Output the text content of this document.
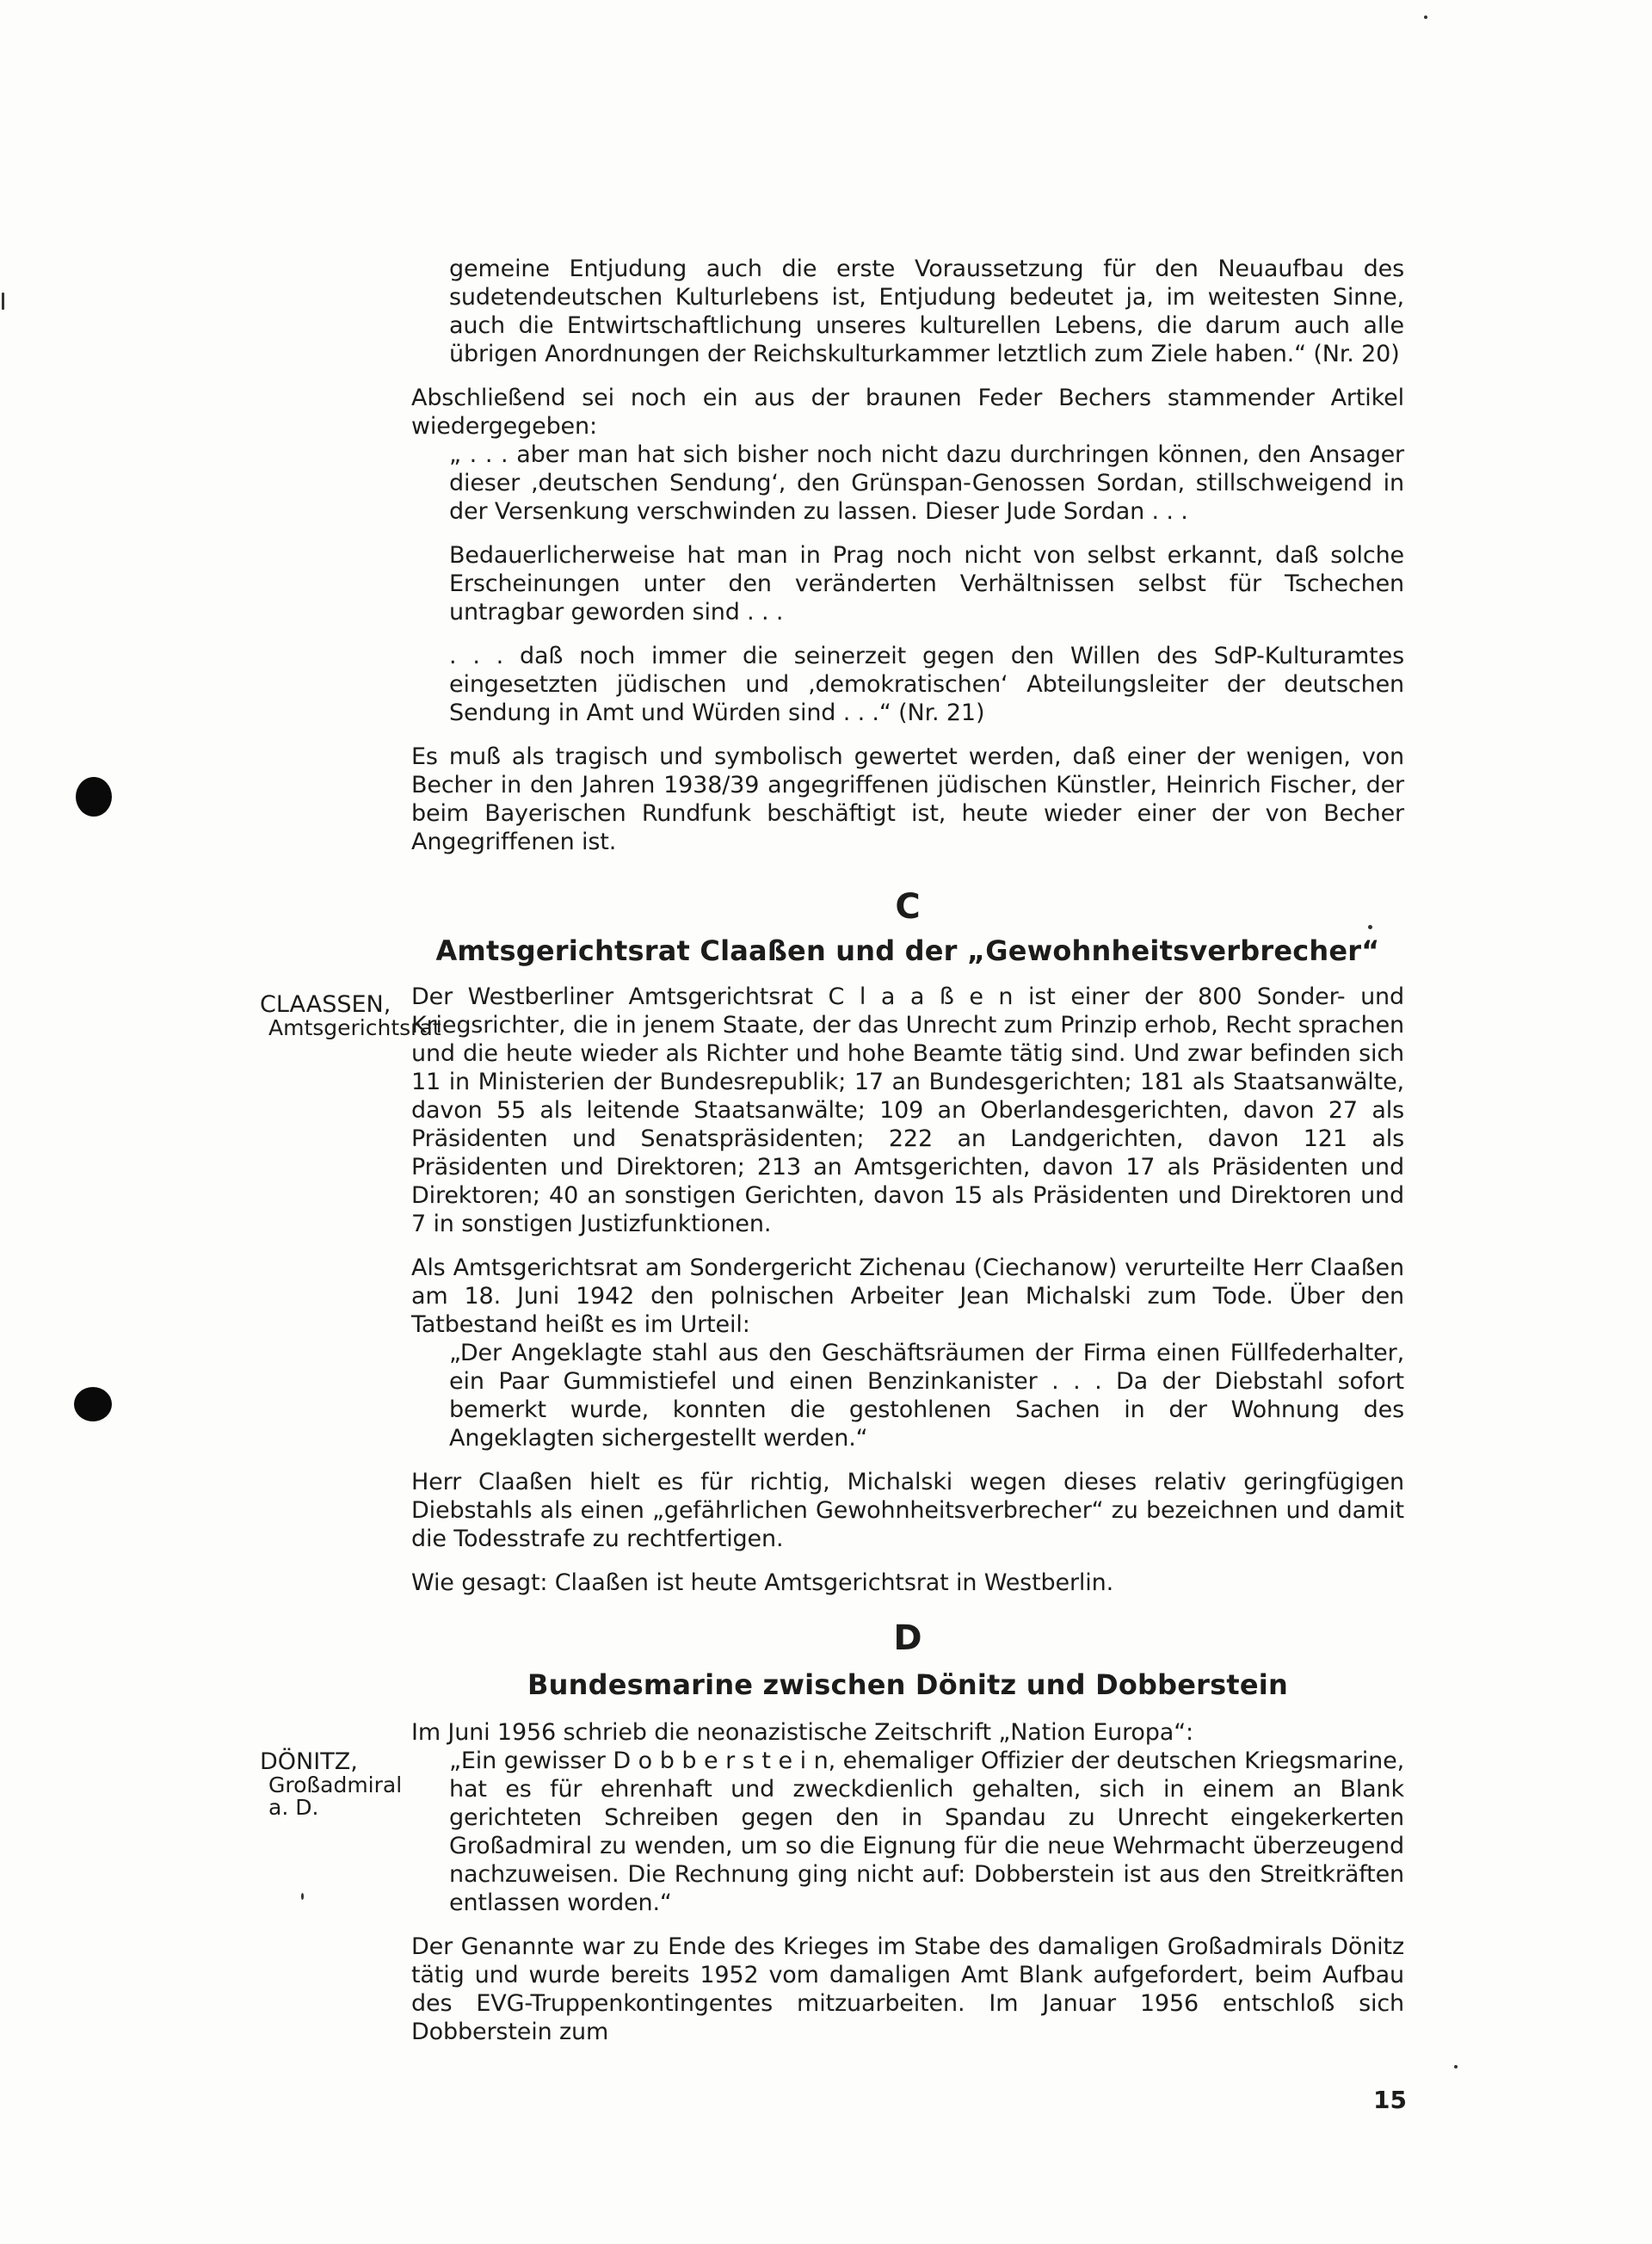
gemeine Entjudung auch die erste Voraussetzung für den Neuaufbau des sudetendeutschen Kulturlebens ist, Entjudung bedeutet ja, im weitesten Sinne, auch die Entwirtschaftlichung unseres kulturellen Lebens, die darum auch alle übrigen Anordnungen der Reichskulturkammer letztlich zum Ziele haben.“ (Nr. 20)

Abschließend sei noch ein aus der braunen Feder Bechers stammender Artikel wiedergegeben:

„ . . . aber man hat sich bisher noch nicht dazu durchringen können, den Ansager dieser ‚deutschen Sendung‘, den Grünspan-Genossen Sordan, stillschweigend in der Versenkung verschwinden zu lassen. Dieser Jude Sordan . . .

Bedauerlicherweise hat man in Prag noch nicht von selbst erkannt, daß solche Erscheinungen unter den veränderten Verhältnissen selbst für Tschechen untragbar geworden sind . . .

. . . daß noch immer die seinerzeit gegen den Willen des SdP-Kulturamtes eingesetzten jüdischen und ‚demokratischen‘ Abteilungsleiter der deutschen Sendung in Amt und Würden sind . . .“ (Nr. 21)

Es muß als tragisch und symbolisch gewertet werden, daß einer der wenigen, von Becher in den Jahren 1938/39 angegriffenen jüdischen Künstler, Heinrich Fischer, der beim Bayerischen Rundfunk beschäftigt ist, heute wieder einer der von Becher Angegriffenen ist.

C
Amtsgerichtsrat Claaßen und der „Gewohnheitsverbrecher“
CLAASSEN,
Amtsgerichtsrat

Der Westberliner Amtsgerichtsrat C l a a ß e n ist einer der 800 Sonder- und Kriegsrichter, die in jenem Staate, der das Unrecht zum Prinzip erhob, Recht sprachen und die heute wieder als Richter und hohe Beamte tätig sind. Und zwar befinden sich 11 in Ministerien der Bundesrepublik; 17 an Bundesgerichten; 181 als Staatsanwälte, davon 55 als leitende Staatsanwälte; 109 an Oberlandesgerichten, davon 27 als Präsidenten und Senatspräsidenten; 222 an Landgerichten, davon 121 als Präsidenten und Direktoren; 213 an Amtsgerichten, davon 17 als Präsidenten und Direktoren; 40 an sonstigen Gerichten, davon 15 als Präsidenten und Direktoren und 7 in sonstigen Justizfunktionen.

Als Amtsgerichtsrat am Sondergericht Zichenau (Ciechanow) verurteilte Herr Claaßen am 18. Juni 1942 den polnischen Arbeiter Jean Michalski zum Tode. Über den Tatbestand heißt es im Urteil:

„Der Angeklagte stahl aus den Geschäftsräumen der Firma einen Füllfederhalter, ein Paar Gummistiefel und einen Benzinkanister . . . Da der Diebstahl sofort bemerkt wurde, konnten die gestohlenen Sachen in der Wohnung des Angeklagten sichergestellt werden.“

Herr Claaßen hielt es für richtig, Michalski wegen dieses relativ geringfügigen Diebstahls als einen „gefährlichen Gewohnheitsverbrecher“ zu bezeichnen und damit die Todesstrafe zu rechtfertigen.

Wie gesagt: Claaßen ist heute Amtsgerichtsrat in Westberlin.

D
Bundesmarine zwischen Dönitz und Dobberstein
DÖNITZ,
Großadmiral a. D.

Im Juni 1956 schrieb die neonazistische Zeitschrift „Nation Europa“:

„Ein gewisser D o b b e r s t e i n, ehemaliger Offizier der deutschen Kriegsmarine, hat es für ehrenhaft und zweckdienlich gehalten, sich in einem an Blank gerichteten Schreiben gegen den in Spandau zu Unrecht eingekerkerten Großadmiral zu wenden, um so die Eignung für die neue Wehrmacht überzeugend nachzuweisen. Die Rechnung ging nicht auf: Dobberstein ist aus den Streitkräften entlassen worden.“

Der Genannte war zu Ende des Krieges im Stabe des damaligen Großadmirals Dönitz tätig und wurde bereits 1952 vom damaligen Amt Blank aufgefordert, beim Aufbau des EVG-Truppenkontingentes mitzuarbeiten. Im Januar 1956 entschloß sich Dobberstein zum

15
